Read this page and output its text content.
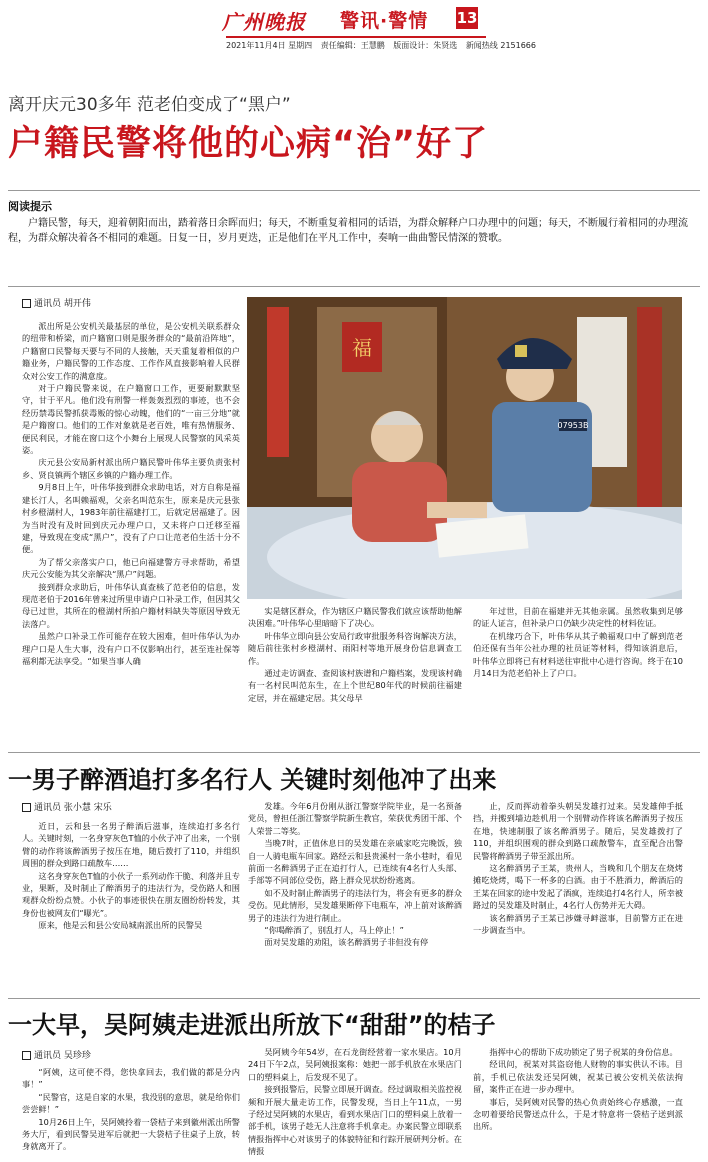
广州晚报 警讯·警情 13
2021年11月4日 星期四 责任编辑：王慧鹏 版面设计：朱贤选 新闻热线 2151666
离开庆元30多年 范老伯变成了“黑户”
户籍民警将他的心病“治”好了
阅读提示
户籍民警，每天，迎着朝阳而出，踏着落日余晖而归；每天，不断重复着相同的话语，为群众解释户口办理中的问题；每天，不断履行着相同的办理流程，为群众解决着各不相同的难题。日复一日，岁月更迭，正是他们在平凡工作中，奏响一曲曲警民情深的赞歌。
通讯员 胡开伟

派出所是公安机关最基层的单位，是公安机关联系群众的纽带和桥梁，而户籍窗口则是服务群众的“最前沿阵地”，户籍窗口民警每天要与不同的人接触，天天重复着相似的户籍业务，户籍民警的工作态度、工作作风直接影响着人民群众对公安工作的满意度。

对于户籍民警来说，在户籍窗口工作，更要耐默默坚守，甘于平凡。他们没有刑警一样轰轰烈烈的事迹，也不会经历禁毒民警抓获毒贩的惊心动魄，他们的“一亩三分地”就是户籍窗口。他们的工作对象就是老百姓，唯有热情服务、便民利民，才能在窗口这个小舞台上展现人民警察的风采英姿。

庆元县公安局新村派出所户籍民警叶伟华主要负责张村乡、贤良镇两个辖区乡镇的户籍办理工作。

9月8日上午，叶伟华接到群众求助电话，对方自称是福建长汀人，名叫赖福观，父亲名叫范东生，原来是庆元县张村乡橙湖村人，1983年前往福建打工，后就定居福建了。因为当时没有及时回到庆元办理户口，又未将户口迁移至福建，导致现在变成“黑户”，没有了户口让范老伯生活十分不便。

为了帮父亲落实户口，他已向福建警方寻求帮助，希望庆元公安能为其父亲解决“黑户”问题。

接到群众求助后，叶伟华认真查核了范老伯的信息，发现范老伯于2016年曾来过所里申请户口补录工作，但因其父母已过世，其所在的橙湖村所拍户籍材料缺失等原因导致无法落户。

虽然户口补录工作可能存在较大困难，但叶伟华认为办理户口是人生大事，没有户口不仅影响出行，甚至连社保等福利都无法享受。“如果当事人确

福
07953B

实是辖区群众，作为辖区户籍民警我们就应该帮助他解决困难。”叶伟华心里暗暗下了决心。

叶伟华立即向县公安局行政审批服务科咨询解决方法，随后前往张村乡橙湖村、雨阳村等地开展身份信息调查工作。

通过走访调查、查阅该村族谱和户籍档案，发现该村确有一名村民叫范东生，在上个世纪80年代的时候前往福建定居，并在福建定居。其父母早

年过世，目前在福建并无其他亲属。虽然收集到足够的证人证言，但补录户口仍缺少决定性的材料佐证。

在机缘巧合下，叶伟华从其子赖福观口中了解到范老伯还保有当年公社办理的社员证等材料，得知该消息后，叶伟华立即将已有材料送往审批中心进行咨询。终于在10月14日为范老伯补上了户口。

一男子醉酒追打多名行人 关键时刻他冲了出来
通讯员 张小慧 宋乐

近日，云和县一名男子醉酒后滋事，连续追打多名行人。关键时刻，一名身穿灰色T恤的小伙子冲了出来，一个别臂的动作将该醉酒男子按压在地，随后拨打了110，并组织周围的群众到路口疏散车……

这名身穿灰色T恤的小伙子一系列动作干脆、利落并且专业，果断，及时制止了醉酒男子的违法行为，受伤路人和围观群众纷纷点赞。小伙子的事迹很快在朋友圈纷纷转发，其身份也被网友们“曝光”。

原来，他是云和县公安局城南派出所的民警吴

发雄。今年6月份刚从浙江警察学院毕业，是一名预备党员，曾担任浙江警察学院新生教官，荣获优秀团干部、个人荣誉二等奖。

当晚7时，正值休息日的吴发雄在亲戚家吃完晚饭，独自一人骑电瓶车回家。路经云和县贵溪村一条小巷时，看见前面一名醉酒男子正在追打行人，已连续有4名行人头部、手部等不同部位受伤，路上群众见状纷纷逃离。

如不及时制止醉酒男子的违法行为，将会有更多的群众受伤。见此情形，吴发雄果断停下电瓶车，冲上前对该醉酒男子的违法行为进行制止。

“你喝醉酒了，别乱打人，马上停止！”

面对吴发雄的劝阻，该名醉酒男子非但没有停

止，反而挥动着拳头朝吴发雄打过来。吴发雄伸手抵挡，并搬到墙边趁机用一个别臂动作将该名醉酒男子按压在地，快速制服了该名醉酒男子。随后，吴发雄拨打了110，并组织围观的群众到路口疏散警车，直至配合出警民警将醉酒男子带至派出所。

这名醉酒男子王某，贵州人，当晚和几个朋友在烧烤摊吃烧烤，喝下一杯多的白酒。由于不胜酒力，醉酒后的王某在回家的途中发起了酒疯，连续追打4名行人，所幸被路过的吴发雄及时制止，4名行人伤势并无大碍。

该名醉酒男子王某已涉嫌寻衅滋事，目前警方正在进一步调查当中。

一大早，吴阿姨走进派出所放下“甜甜”的桔子
通讯员 吴珍珍

“阿姨，这可使不得，您快拿回去，我们做的都是分内事！”

“民警官，这是自家的水果，我没别的意思，就是给你们尝尝鲜！”

10月26日上午，吴阿姨拎着一袋桔子来到徽州派出所警务大厅，看到民警吴进军后就把一大袋桔子往桌子上放，转身就离开了。

吴阿姨今年54岁，在石龙街经营着一家水果店。10月24日下午2点，吴阿姨报案称：她把一部手机放在水果店门口的塑料桌上，后发现不见了。

接到报警后，民警立即展开调查。经过调取相关监控视频和开展大量走访工作，民警发现，当日上午11点，一男子经过吴阿姨的水果店，看到水果店门口的塑料桌上放着一部手机，该男子趁无人注意将手机拿走。办案民警立即联系情报指挥中心对该男子的体貌特征和行踪开展研判分析。在情报

指挥中心的帮助下成功锁定了男子祝某的身份信息。

经讯问，祝某对其盗窃他人财物的事实供认不讳。目前，手机已依法发还吴阿姨，祝某已被公安机关依法拘留，案件正在进一步办理中。

事后，吴阿姨对民警的热心负责始终心存感激，一直念叨着要给民警送点什么，于是才特意将一袋桔子送到派出所。
